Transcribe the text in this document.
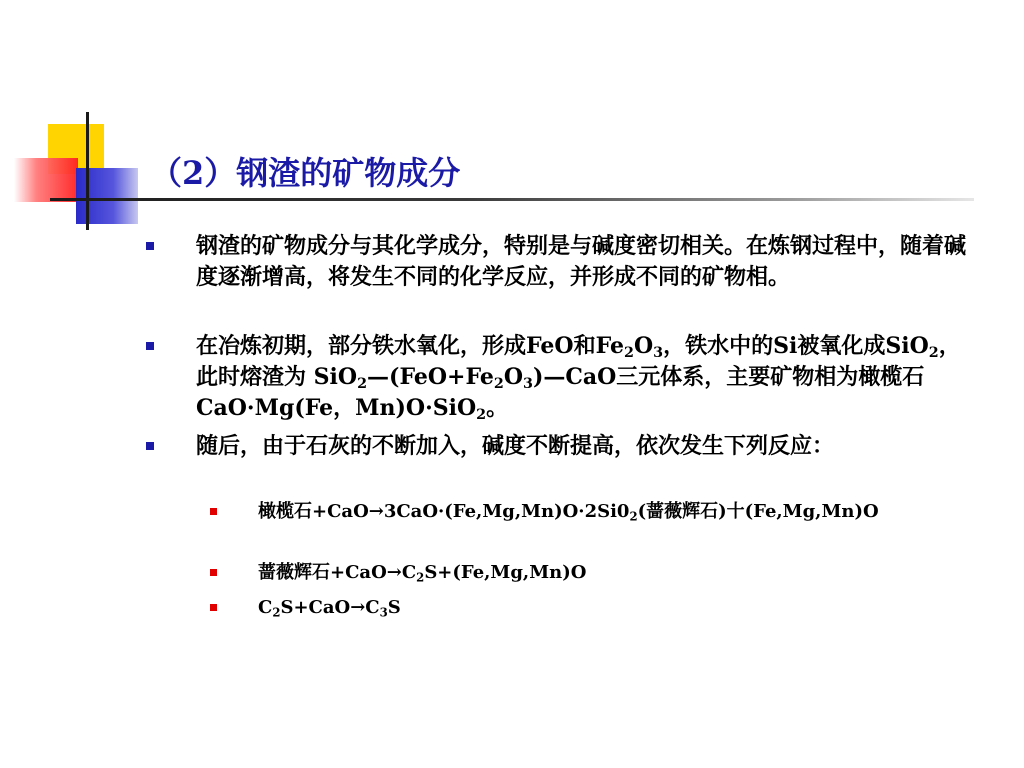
（2）钢渣的矿物成分
钢渣的矿物成分与其化学成分，特别是与碱度密切相关。在炼钢过程中，随着碱度逐渐增高，将发生不同的化学反应，并形成不同的矿物相。
在冶炼初期，部分铁水氧化，形成FeO和$Fe_2O_3$，铁水中的Si被氧化成SiO$_2$，此时熔渣为 $SiO_2—(FeO+Fe_2O_3)—CaO$三元体系，主要矿物相为橄榄石CaO·Mg(Fe，Mn)O·SiO$_2$。
随后，由于石灰的不断加入，碱度不断提高，依次发生下列反应：
橄榄石$+CaO\to 3CaO\cdot(Fe,Mg,Mn)O\cdot 2Si0_2$(蔷薇辉石)十(Fe,Mg,Mn)O
蔷薇辉石$+CaO\to C_2S+(Fe,Mg,Mn)O$
$C_2S+CaO\to C_3S$
